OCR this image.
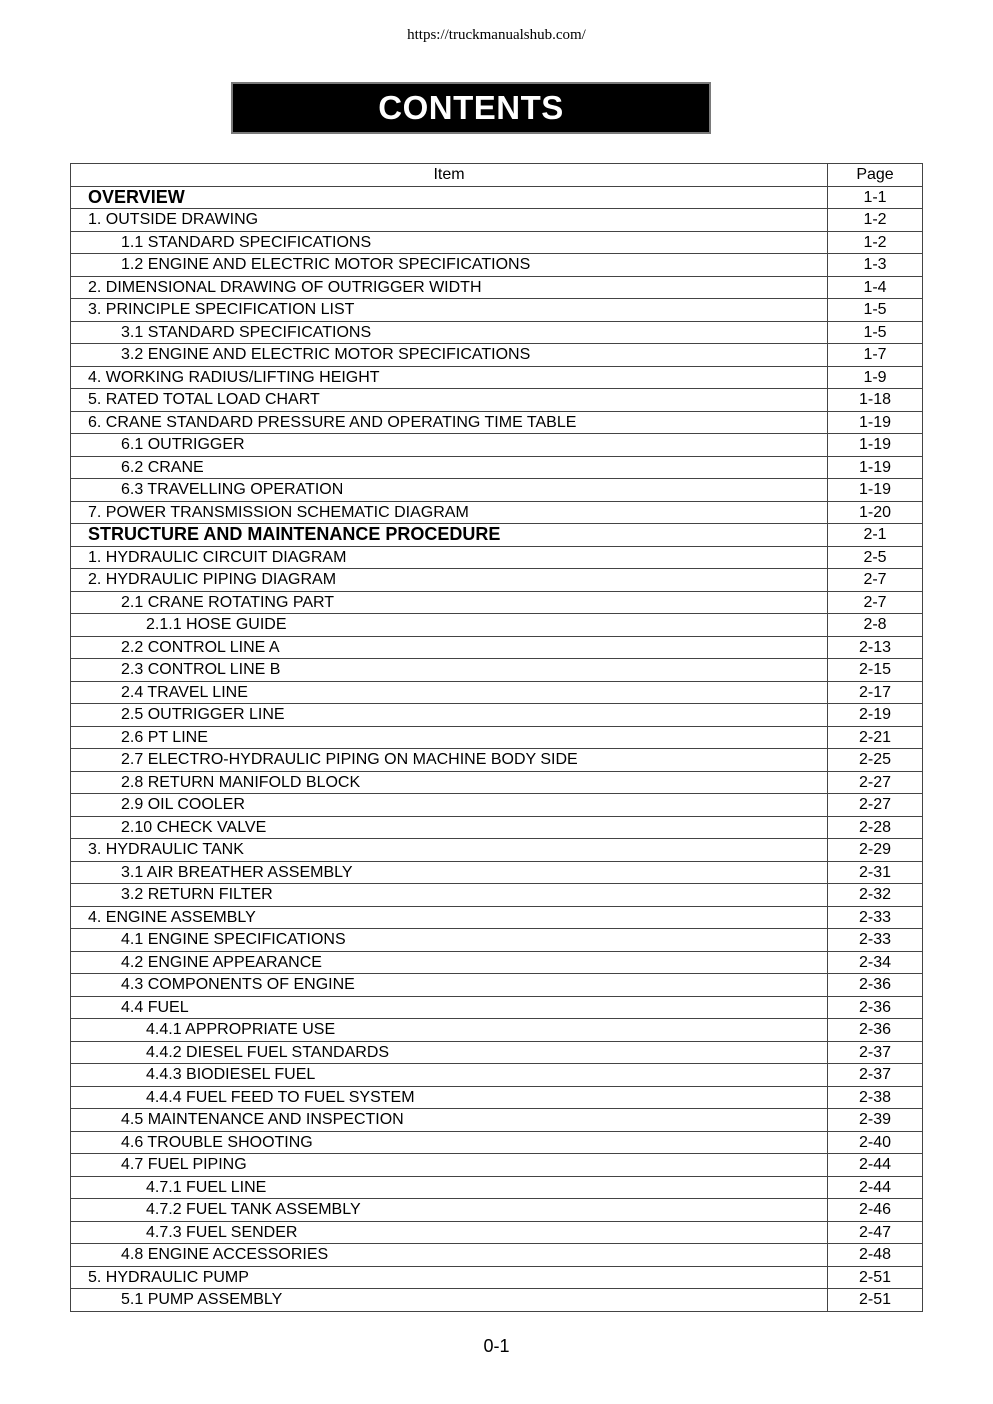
https://truckmanualshub.com/
CONTENTS
Item	Page
OVERVIEW	1-1
1. OUTSIDE DRAWING	1-2
1.1 STANDARD SPECIFICATIONS	1-2
1.2 ENGINE AND ELECTRIC MOTOR SPECIFICATIONS	1-3
2. DIMENSIONAL DRAWING OF OUTRIGGER WIDTH	1-4
3. PRINCIPLE SPECIFICATION LIST	1-5
3.1 STANDARD SPECIFICATIONS	1-5
3.2 ENGINE AND ELECTRIC MOTOR SPECIFICATIONS	1-7
4. WORKING RADIUS/LIFTING HEIGHT	1-9
5. RATED TOTAL LOAD CHART	1-18
6. CRANE STANDARD PRESSURE AND OPERATING TIME TABLE	1-19
6.1 OUTRIGGER	1-19
6.2 CRANE	1-19
6.3 TRAVELLING OPERATION	1-19
7. POWER TRANSMISSION SCHEMATIC DIAGRAM	1-20
STRUCTURE AND MAINTENANCE PROCEDURE	2-1
1. HYDRAULIC CIRCUIT DIAGRAM	2-5
2. HYDRAULIC PIPING DIAGRAM	2-7
2.1 CRANE ROTATING PART	2-7
2.1.1 HOSE GUIDE	2-8
2.2 CONTROL LINE A	2-13
2.3 CONTROL LINE B	2-15
2.4 TRAVEL LINE	2-17
2.5 OUTRIGGER LINE	2-19
2.6 PT LINE	2-21
2.7 ELECTRO-HYDRAULIC PIPING ON MACHINE BODY SIDE	2-25
2.8 RETURN MANIFOLD BLOCK	2-27
2.9 OIL COOLER	2-27
2.10 CHECK VALVE	2-28
3. HYDRAULIC TANK	2-29
3.1 AIR BREATHER ASSEMBLY	2-31
3.2 RETURN FILTER	2-32
4. ENGINE ASSEMBLY	2-33
4.1 ENGINE SPECIFICATIONS	2-33
4.2 ENGINE APPEARANCE	2-34
4.3 COMPONENTS OF ENGINE	2-36
4.4 FUEL	2-36
4.4.1 APPROPRIATE USE	2-36
4.4.2 DIESEL FUEL STANDARDS	2-37
4.4.3 BIODIESEL FUEL	2-37
4.4.4 FUEL FEED TO FUEL SYSTEM	2-38
4.5 MAINTENANCE AND INSPECTION	2-39
4.6 TROUBLE SHOOTING	2-40
4.7 FUEL PIPING	2-44
4.7.1 FUEL LINE	2-44
4.7.2 FUEL TANK ASSEMBLY	2-46
4.7.3 FUEL SENDER	2-47
4.8 ENGINE ACCESSORIES	2-48
5. HYDRAULIC PUMP	2-51
5.1 PUMP ASSEMBLY	2-51
0-1
